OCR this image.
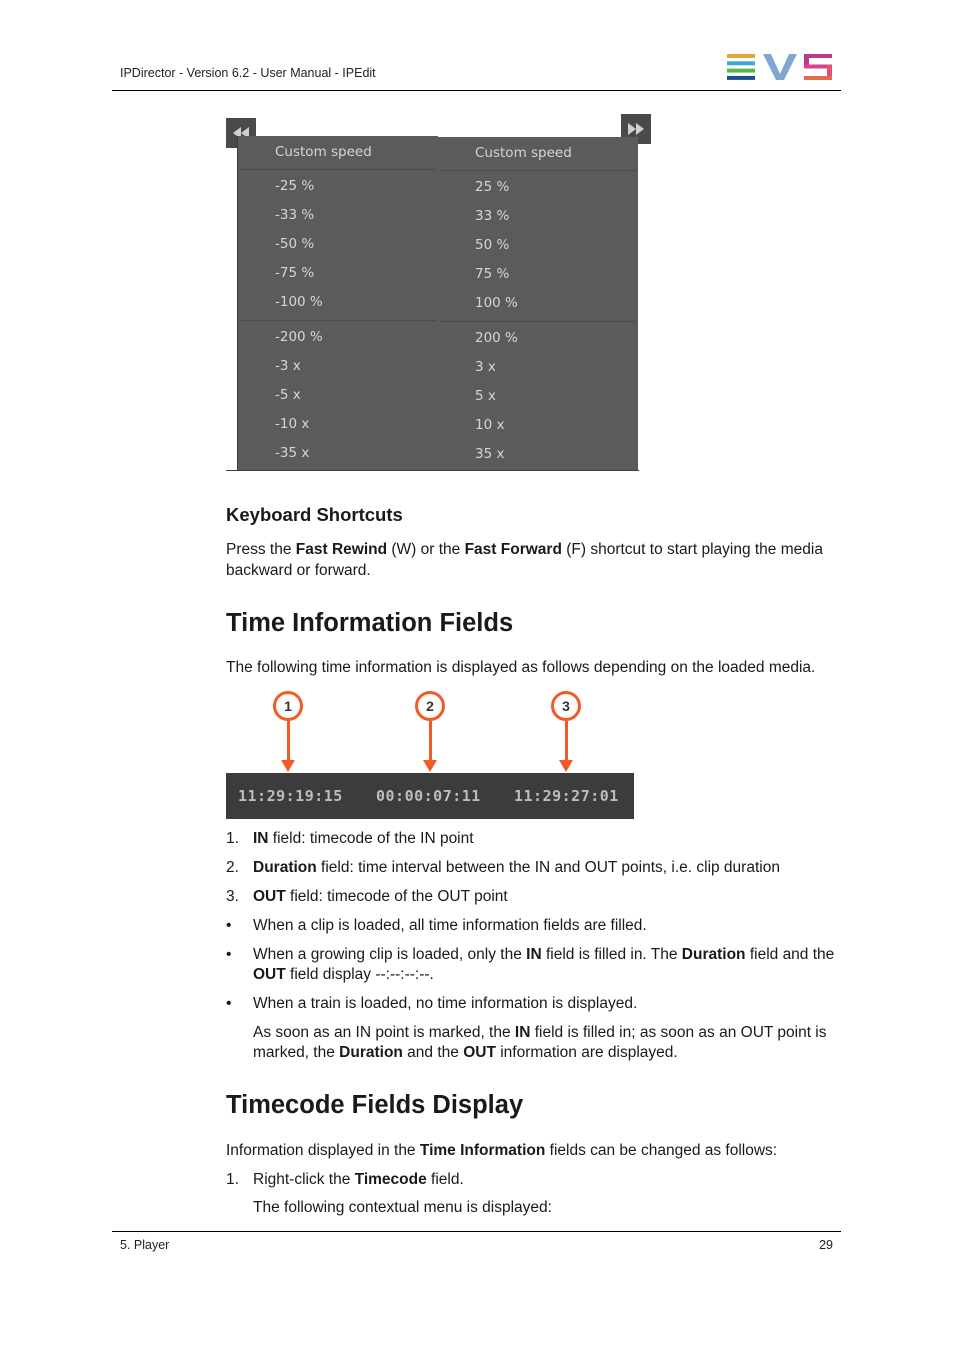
IPDirector - Version 6.2 - User Manual - IPEdit
Custom speed
-25 %
-33 %
-50 %
-75 %
-100 %
-200 %
-3 x
-5 x
-10 x
-35 x
Custom speed
25 %
33 %
50 %
75 %
100 %
200 %
3 x
5 x
10 x
35 x
Keyboard Shortcuts
Press the Fast Rewind (W) or the Fast Forward (F) shortcut to start playing the media
backward or forward.
Time Information Fields
The following time information is displayed as follows depending on the loaded media.
11:29:19:15 00:00:07:11 11:29:27:01
1	2	3
1. IN field: timecode of the IN point
2. Duration field: time interval between the IN and OUT points, i.e. clip duration
3. OUT field: timecode of the OUT point
• When a clip is loaded, all time information fields are filled.
• When a growing clip is loaded, only the IN field is filled in. The Duration field and the
OUT field display --:--:--:--.
• When a train is loaded, no time information is displayed.
As soon as an IN point is marked, the IN field is filled in; as soon as an OUT point is
marked, the Duration and the OUT information are displayed.
Timecode Fields Display
Information displayed in the Time Information fields can be changed as follows:
1. Right-click the Timecode field.
The following contextual menu is displayed:
5. Player	29
